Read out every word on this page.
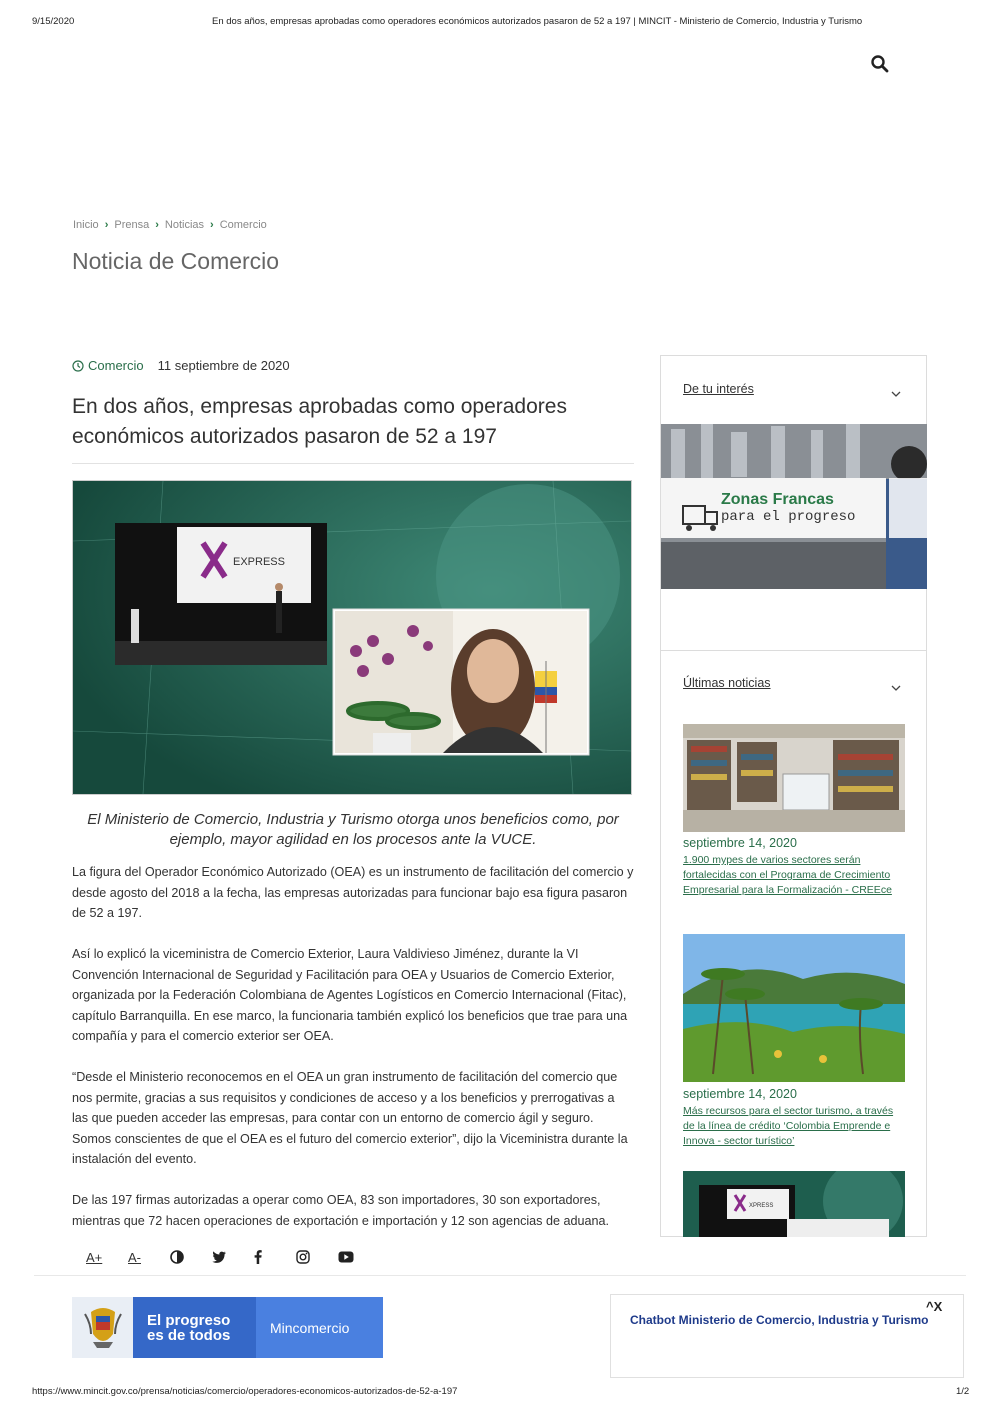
9/15/2020	En dos años, empresas aprobadas como operadores económicos autorizados pasaron de 52 a 197 | MINCIT - Ministerio de Comercio, Industria y Turismo
Inicio › Prensa › Noticias › Comercio
Noticia de Comercio
Comercio 11 septiembre de 2020
En dos años, empresas aprobadas como operadores económicos autorizados pasaron de 52 a 197
EXPRESS
El Ministerio de Comercio, Industria y Turismo otorga unos beneficios como, por ejemplo, mayor agilidad en los procesos ante la VUCE.

La figura del Operador Económico Autorizado (OEA) es un instrumento de facilitación del comercio y desde agosto del 2018 a la fecha, las empresas autorizadas para funcionar bajo esa figura pasaron de 52 a 197.

Así lo explicó la viceministra de Comercio Exterior, Laura Valdivieso Jiménez, durante la VI Convención Internacional de Seguridad y Facilitación para OEA y Usuarios de Comercio Exterior, organizada por la Federación Colombiana de Agentes Logísticos en Comercio Internacional (Fitac), capítulo Barranquilla. En ese marco, la funcionaria también explicó los beneficios que trae para una compañía y para el comercio exterior ser OEA.

“Desde el Ministerio reconocemos en el OEA un gran instrumento de facilitación del comercio que nos permite, gracias a sus requisitos y condiciones de acceso y a los beneficios y prerrogativas a las que pueden acceder las empresas, para contar con un entorno de comercio ágil y seguro. Somos conscientes de que el OEA es el futuro del comercio exterior”, dijo la Viceministra durante la instalación del evento.

De las 197 firmas autorizadas a operar como OEA, 83 son importadores, 30 son exportadores, mientras que 72 hacen operaciones de exportación e importación y 12 son agencias de aduana.

De tu interés
Zonas Francas
para el progreso
Últimas noticias
septiembre 14, 2020
1.900 mypes de varios sectores serán fortalecidas con el Programa de Crecimiento Empresarial para la Formalización - CREEce
septiembre 14, 2020
Más recursos para el sector turismo, a través de la línea de crédito ‘Colombia Emprende e Innova - sector turístico’
XPRESS
A+ A-
El progreso
es de todos	Mincomercio	Chatbot Ministerio de Comercio, Industria y Turismo
^X
https://www.mincit.gov.co/prensa/noticias/comercio/operadores-economicos-autorizados-de-52-a-197	1/2
